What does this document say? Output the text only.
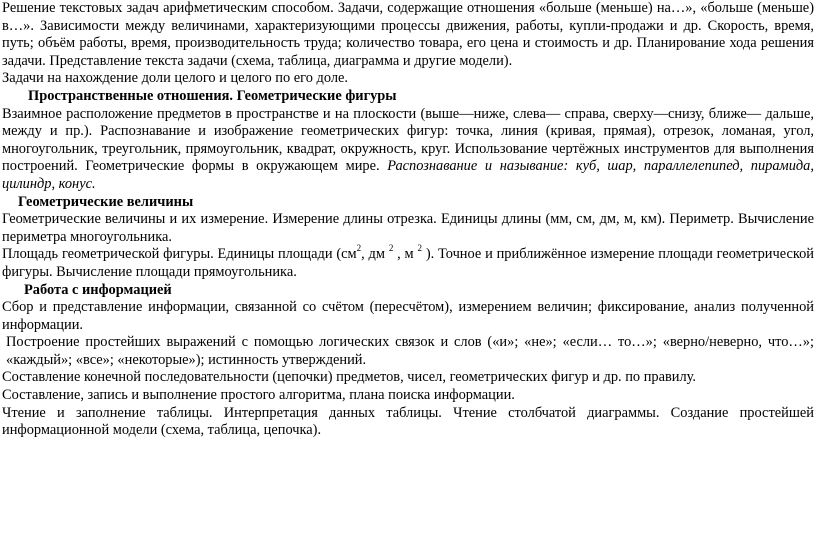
Решение текстовых задач арифметическим способом. Задачи, содержащие отношения «больше (меньше) на…», «больше (меньше) в…». Зависимости между величинами, характеризующими процессы движения, работы, купли-продажи и др. Скорость, время, путь; объём работы, время, производительность труда; количество товара, его цена и стоимость и др. Планирование хода решения задачи. Представление текста задачи (схема, таблица, диаграмма и другие модели).

Задачи на нахождение доли целого и целого по его доле.

Пространственные отношения. Геометрические фигуры

Взаимное расположение предметов в пространстве и на плоскости (выше—ниже, слева— справа, сверху—снизу, ближе— дальше, между и пр.). Распознавание и изображение геометрических фигур: точка, линия (кривая, прямая), отрезок, ломаная, угол, многоугольник, треугольник, прямоугольник, квадрат, окружность, круг. Использование чертёжных инструментов для выполнения построений. Геометрические формы в окружающем мире. Распознавание и называние: куб, шар, параллелепипед, пирамида, цилиндр, конус.

Геометрические величины

Геометрические величины и их измерение. Измерение длины отрезка. Единицы длины (мм, см, дм, м, км). Периметр. Вычисление периметра многоугольника.

Площадь геометрической фигуры. Единицы площади ($см^2$, дм $^2$ , м $^2$ ). Точное и приближённое измерение площади геометрической фигуры. Вычисление площади прямоугольника.

Работа с информацией

Сбор и представление информации, связанной со счётом (пересчётом), измерением величин; фиксирование, анализ полученной информации.

Построение простейших выражений с помощью логических связок и слов («и»; «не»; «если… то…»; «верно/неверно, что…»; «каждый»; «все»; «некоторые»); истинность утверждений.

Составление конечной последовательности (цепочки) предметов, чисел, геометрических фигур и др. по правилу.

Составление, запись и выполнение простого алгоритма, плана поиска информации.

Чтение и заполнение таблицы. Интерпретация данных таблицы. Чтение столбчатой диаграммы. Создание простейшей информационной модели (схема, таблица, цепочка).
